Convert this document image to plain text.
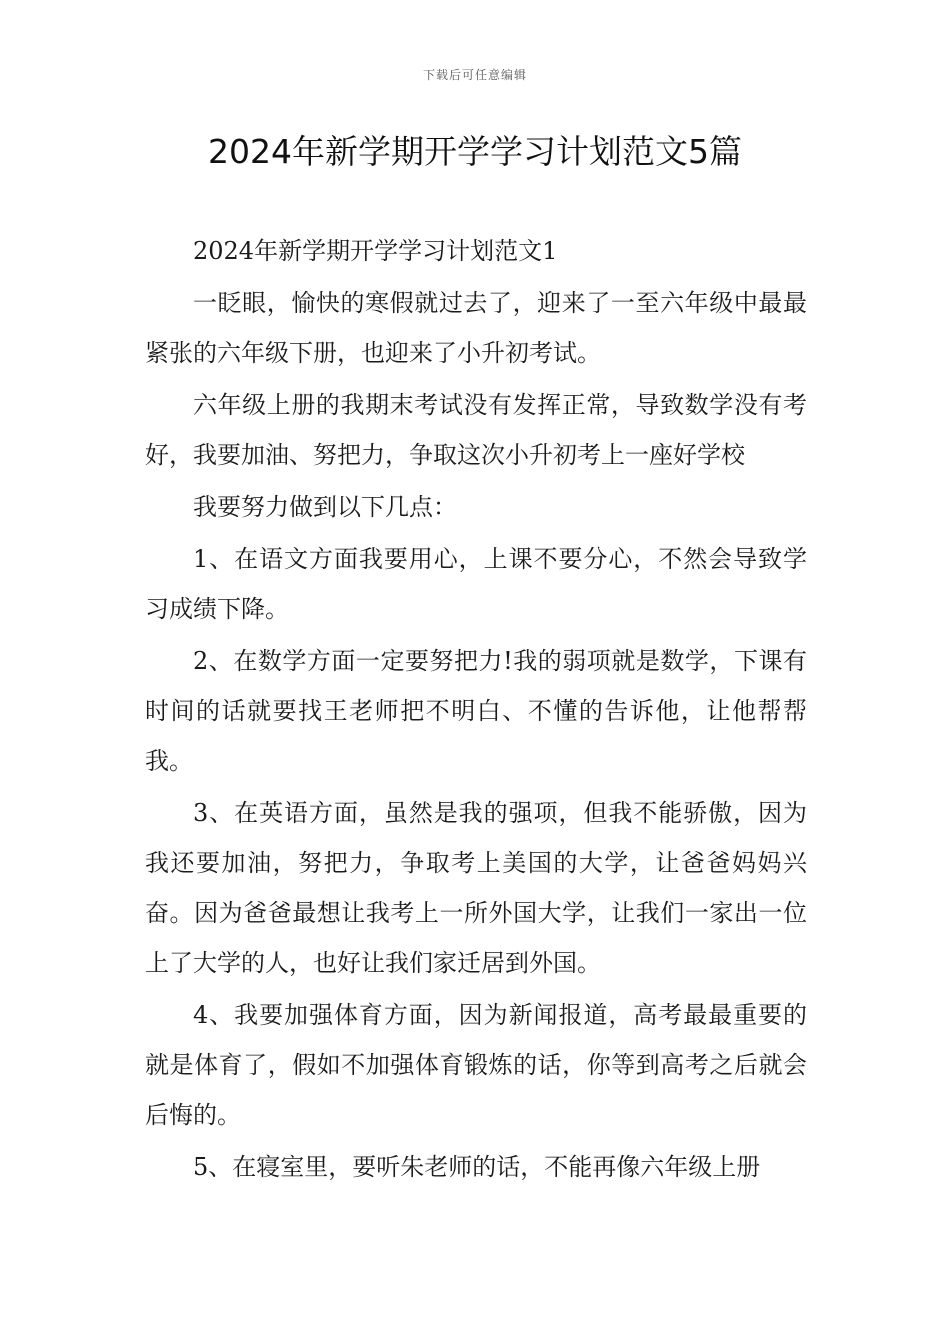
下载后可任意编辑
2024年新学期开学学习计划范文5篇

2024年新学期开学学习计划范文1

一眨眼，愉快的寒假就过去了，迎来了一至六年级中最最紧张的六年级下册，也迎来了小升初考试。

六年级上册的我期末考试没有发挥正常，导致数学没有考好，我要加油、努把力，争取这次小升初考上一座好学校

我要努力做到以下几点：

1、在语文方面我要用心，上课不要分心，不然会导致学习成绩下降。

2、在数学方面一定要努把力!我的弱项就是数学，下课有时间的话就要找王老师把不明白、不懂的告诉他，让他帮帮我。

3、在英语方面，虽然是我的强项，但我不能骄傲，因为我还要加油，努把力，争取考上美国的大学，让爸爸妈妈兴奋。因为爸爸最想让我考上一所外国大学，让我们一家出一位上了大学的人，也好让我们家迁居到外国。

4、我要加强体育方面，因为新闻报道，高考最最重要的就是体育了，假如不加强体育锻炼的话，你等到高考之后就会后悔的。

5、在寝室里，要听朱老师的话，不能再像六年级上册
